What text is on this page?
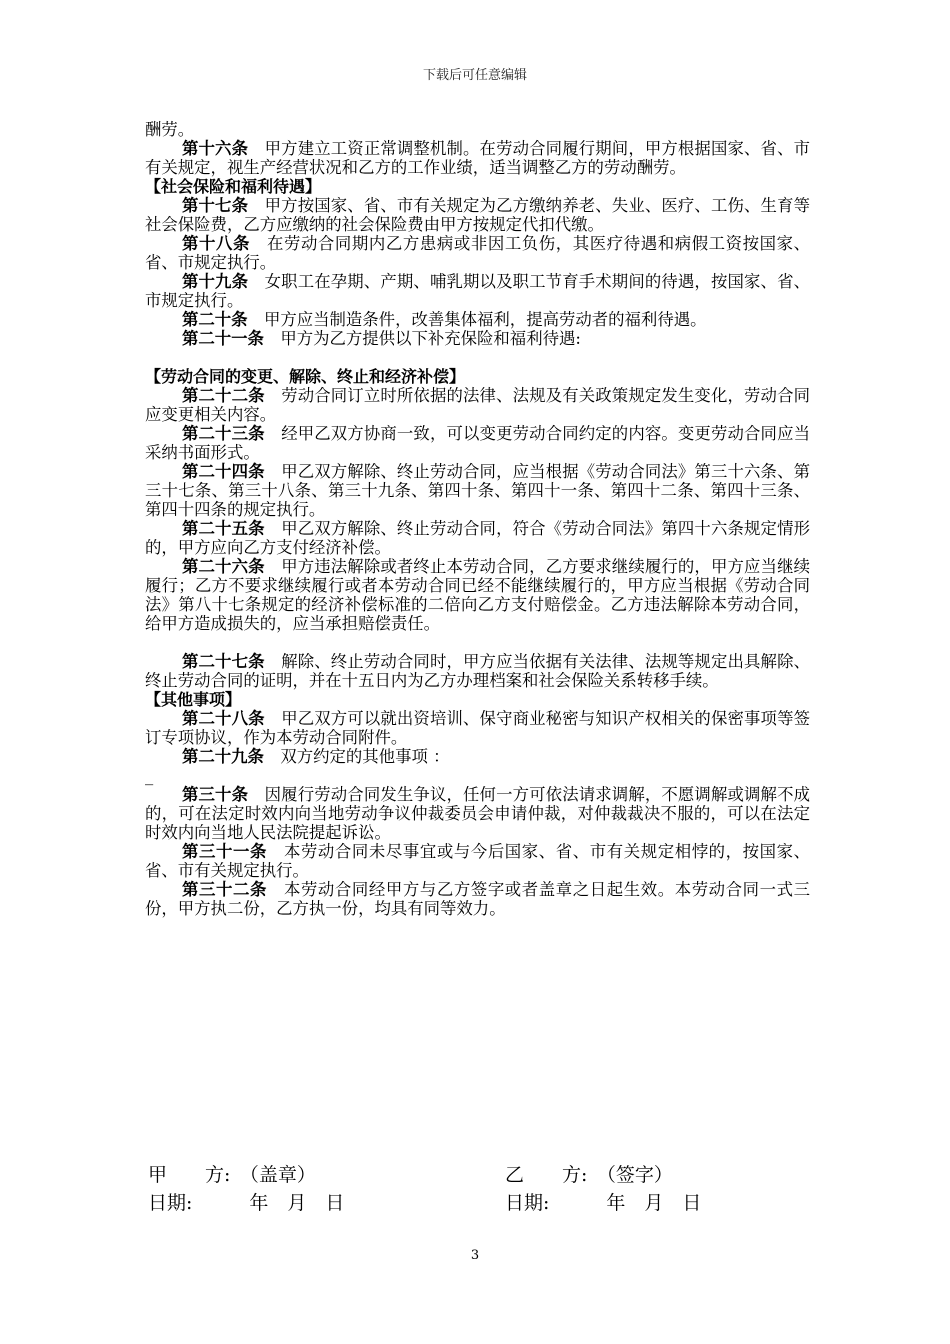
下载后可任意编辑

酬劳。

第十六条　 甲方建立工资正常调整机制。在劳动合同履行期间，甲方根据国家、省、市有关规定，视生产经营状况和乙方的工作业绩，适当调整乙方的劳动酬劳。

【社会保险和福利待遇】

第十七条　 甲方按国家、省、市有关规定为乙方缴纳养老、失业、医疗、工伤、生育等社会保险费，乙方应缴纳的社会保险费由甲方按规定代扣代缴。

第十八条　 在劳动合同期内乙方患病或非因工负伤，其医疗待遇和病假工资按国家、省、市规定执行。

第十九条　 女职工在孕期、产期、哺乳期以及职工节育手术期间的待遇，按国家、省、市规定执行。

第二十条　 甲方应当制造条件，改善集体福利，提高劳动者的福利待遇。

第二十一条　 甲方为乙方提供以下补充保险和福利待遇:

【劳动合同的变更、解除、终止和经济补偿】

第二十二条　 劳动合同订立时所依据的法律、法规及有关政策规定发生变化，劳动合同应变更相关内容。

第二十三条　 经甲乙双方协商一致，可以变更劳动合同约定的内容。变更劳动合同应当采纳书面形式。

第二十四条　 甲乙双方解除、终止劳动合同，应当根据《劳动合同法》第三十六条、第三十七条、第三十八条、第三十九条、第四十条、第四十一条、第四十二条、第四十三条、第四十四条的规定执行。

第二十五条　 甲乙双方解除、终止劳动合同，符合《劳动合同法》第四十六条规定情形的，甲方应向乙方支付经济补偿。

第二十六条　 甲方违法解除或者终止本劳动合同，乙方要求继续履行的，甲方应当继续履行；乙方不要求继续履行或者本劳动合同已经不能继续履行的，甲方应当根据《劳动合同法》第八十七条规定的经济补偿标准的二倍向乙方支付赔偿金。乙方违法解除本劳动合同，给甲方造成损失的，应当承担赔偿责任。

第二十七条　 解除、终止劳动合同时，甲方应当依据有关法律、法规等规定出具解除、终止劳动合同的证明，并在十五日内为乙方办理档案和社会保险关系转移手续。

【其他事项】

第二十八条　 甲乙双方可以就出资培训、保守商业秘密与知识产权相关的保密事项等签订专项协议，作为本劳动合同附件。

第二十九条　 双方约定的其他事项 ：

_

第三十条　 因履行劳动合同发生争议，任何一方可依法请求调解，不愿调解或调解不成的，可在法定时效内向当地劳动争议仲裁委员会申请仲裁，对仲裁裁决不服的，可以在法定时效内向当地人民法院提起诉讼。

第三十一条　 本劳动合同未尽事宜或与今后国家、省、市有关规定相悖的，按国家、省、市有关规定执行。

第三十二条　 本劳动合同经甲方与乙方签字或者盖章之日起生效。本劳动合同一式三份，甲方执二份，乙方执一份，均具有同等效力。

甲　　方:　（盖章）	乙　　方:　（签字）
日期:　　　年　月　日	日期:　　　年　月　日
3
